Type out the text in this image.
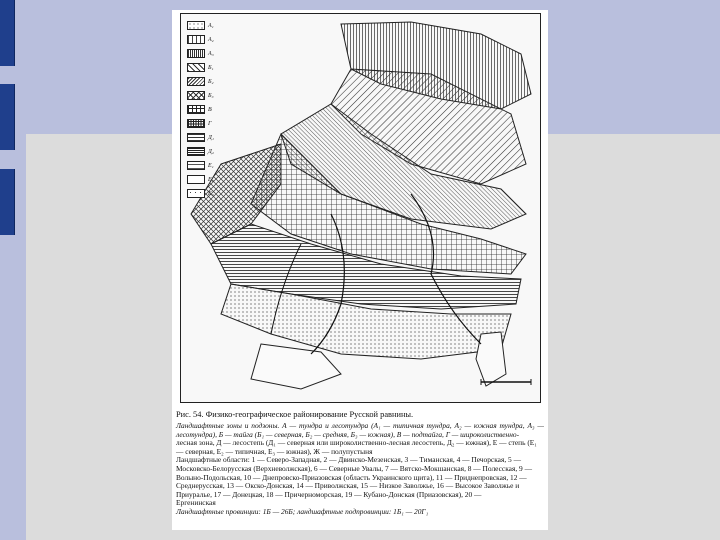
А₁
А₂
А₃
Б₁
Б₂
Б₃
В
Г
Д₁
Д₂
Е₁
Е₂
Е₃

Рис. 54. Физико-географическое районирование Русской равнины.

Ландшафтные зоны и подзоны. А — тундра и лесотундра (А₁ — типичная тундра, А₂ — южная тундра, А₃ — лесотундра), Б — тайга (Б₁ — северная, Б₂ — средняя, Б₃ — южная), В — подтайга, Г — широколиственно-

лесная зона, Д — лесостепь (Д₁ — северная или широколиственно-лесная лесостепь, Д₂ — южная), Е — степь (Е₁

— северная, Е₂ — типичная, Е₃ — южная), Ж — полупустыня

Ландшафтные области: 1 — Северо-Западная, 2 — Двинско-Мезенская, 3 — Тиманская, 4 — Печорская, 5 —

Московско-Белорусская (Верхневолжская), 6 — Северные Увалы, 7 — Вятско-Мокшанская, 8 — Полесская, 9 —

Волыно-Подольская, 10 — Днепровско-Приазовская (область Украинского щита), 11 — Приднепровская, 12 —

Среднерусская, 13 — Окско-Донская, 14 — Приволжская, 15 — Низкое Заволжье, 16 — Высокое Заволжье и

Приуралье, 17 — Донецкая, 18 — Причерноморская, 19 — Кубано-Донская (Приазовская), 20 —

Ергенинская

Ландшафтные провинции: 1Б — 26Б; ландшафтные подпровинции: 1Б₁ — 20Г₁
